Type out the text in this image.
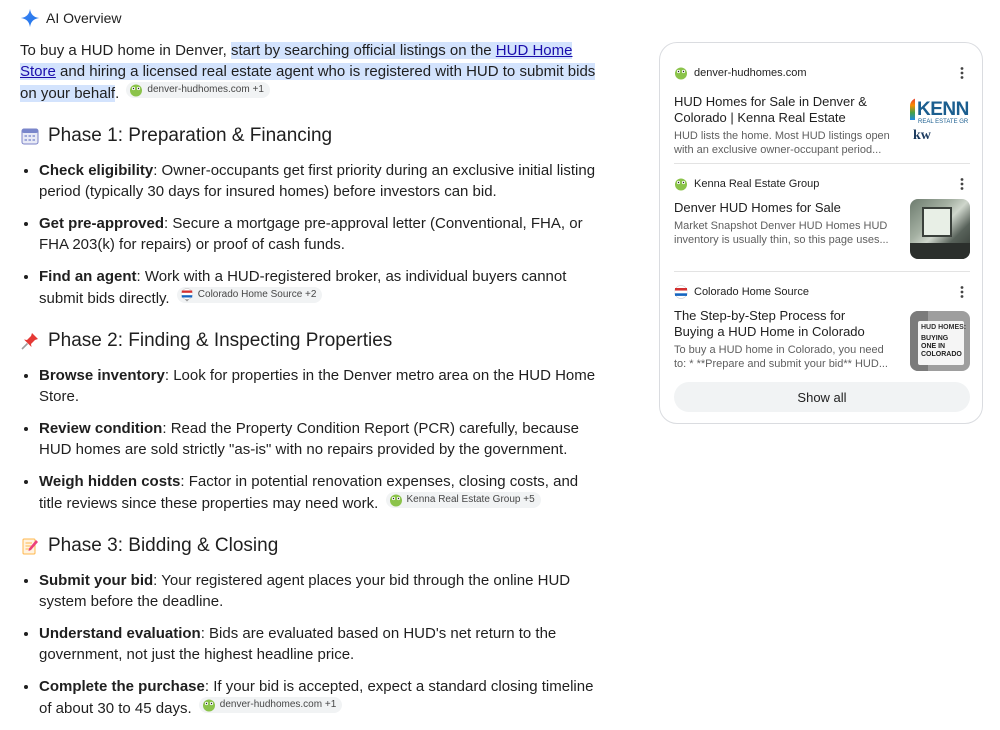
AI Overview

To buy a HUD home in Denver, start by searching official listings on the HUD Home Store and hiring a licensed real estate agent who is registered with HUD to submit bids on your behalf.	denver-hudhomes.com +1

Phase 1: Preparation & Financing
• Check eligibility: Owner-occupants get first priority during an exclusive initial listing period (typically 30 days for insured homes) before investors can bid.
• Get pre-approved: Secure a mortgage pre-approval letter (Conventional, FHA, or FHA 203(k) for repairs) or proof of cash funds.
• Find an agent: Work with a HUD-registered broker, as individual buyers cannot submit bids directly.	Colorado Home Source +2
Phase 2: Finding & Inspecting Properties
• Browse inventory: Look for properties in the Denver metro area on the HUD Home Store.
• Review condition: Read the Property Condition Report (PCR) carefully, because HUD homes are sold strictly "as-is" with no repairs provided by the government.
• Weigh hidden costs: Factor in potential renovation expenses, closing costs, and title reviews since these properties may need work.	Kenna Real Estate Group +5
Phase 3: Bidding & Closing
• Submit your bid: Your registered agent places your bid through the online HUD system before the deadline.
• Understand evaluation: Bids are evaluated based on HUD's net return to the government, not just the highest headline price.
• Complete the purchase: If your bid is accepted, expect a standard closing timeline of about 30 to 45 days.	denver-hudhomes.com +1
denver-hudhomes.com
HUD Homes for Sale in Denver & Colorado | Kenna Real Estate
HUD lists the home. Most HUD listings open with an exclusive owner-occupant period...
KENN
REAL ESTATE GR
kw
Kenna Real Estate Group
Denver HUD Homes for Sale
Market Snapshot Denver HUD Homes HUD inventory is usually thin, so this page uses...
Colorado Home Source
The Step-by-Step Process for Buying a HUD Home in Colorado
To buy a HUD home in Colorado, you need to: * **Prepare and submit your bid** HUD...
HUD HOMES:
BUYING ONE IN COLORADO
Show all
